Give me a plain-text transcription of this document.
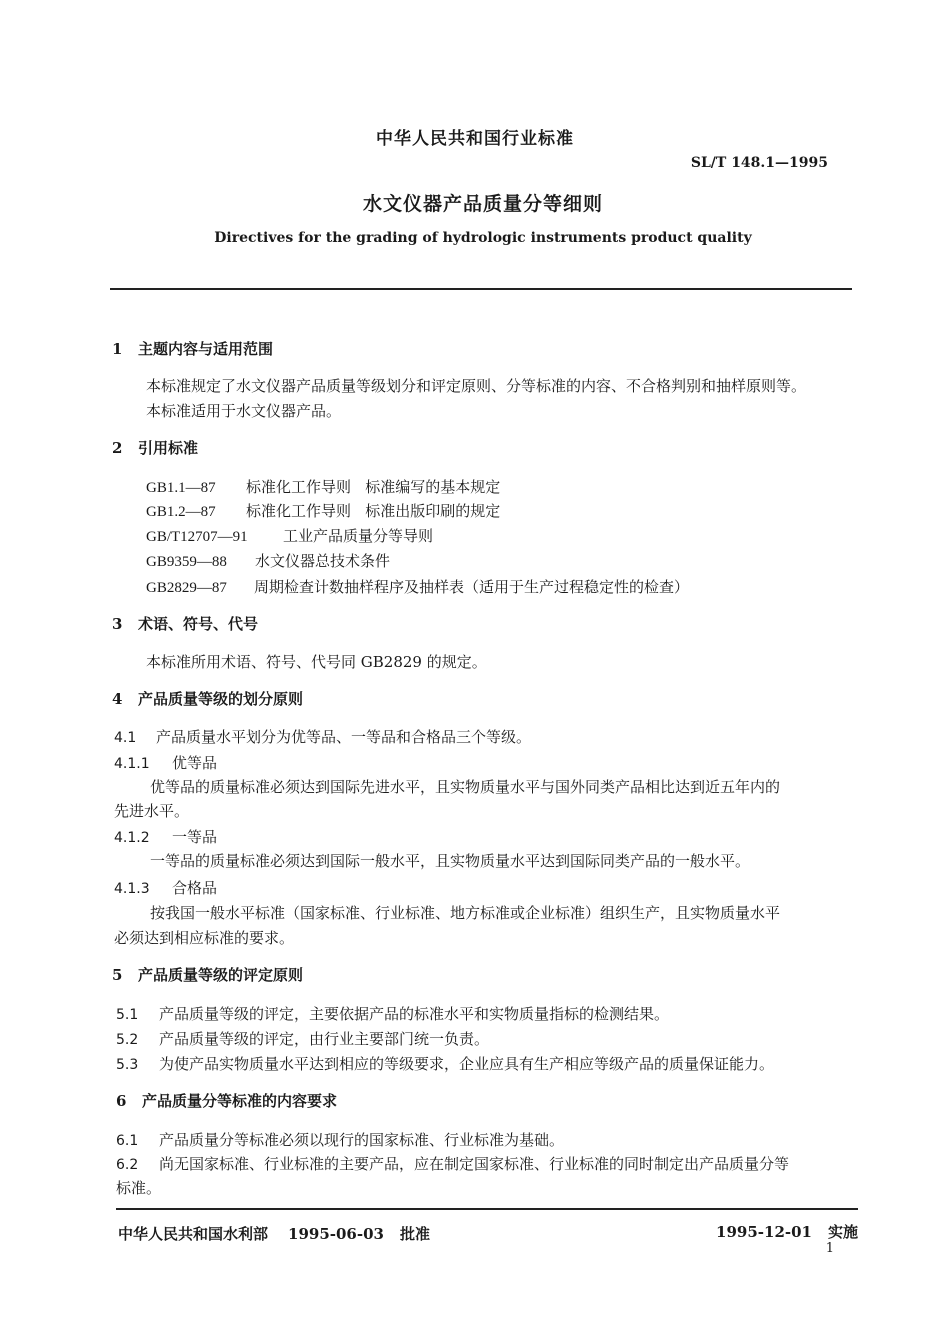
中华人民共和国行业标准
SL/T 148.1—1995
水文仪器产品质量分等细则
Directives for the grading of hydrologic instruments product quality
1 主题内容与适用范围
本标准规定了水文仪器产品质量等级划分和评定原则、分等标准的内容、不合格判别和抽样原则等。
本标准适用于水文仪器产品。
2 引用标准
GB1.1—87 标准化工作导则   标准编写的基本规定
GB1.2—87 标准化工作导则   标准出版印刷的规定
GB/T12707—91 工业产品质量分等导则
GB9359—88 水文仪器总技术条件
GB2829—87 周期检查计数抽样程序及抽样表（适用于生产过程稳定性的检查）
3 术语、符号、代号
本标准所用术语、符号、代号同 GB2829 的规定。
4 产品质量等级的划分原则
4.1 产品质量水平划分为优等品、一等品和合格品三个等级。
4.1.1 优等品
优等品的质量标准必须达到国际先进水平，且实物质量水平与国外同类产品相比达到近五年内的
先进水平。
4.1.2 一等品
一等品的质量标准必须达到国际一般水平，且实物质量水平达到国际同类产品的一般水平。
4.1.3 合格品
按我国一般水平标准（国家标准、行业标准、地方标准或企业标准）组织生产，且实物质量水平
必须达到相应标准的要求。
5 产品质量等级的评定原则
5.1 产品质量等级的评定，主要依据产品的标准水平和实物质量指标的检测结果。
5.2 产品质量等级的评定，由行业主要部门统一负责。
5.3 为使产品实物质量水平达到相应的等级要求，企业应具有生产相应等级产品的质量保证能力。
6 产品质量分等标准的内容要求
6.1 产品质量分等标准必须以现行的国家标准、行业标准为基础。
6.2 尚无国家标准、行业标准的主要产品，应在制定国家标准、行业标准的同时制定出产品质量分等
标准。
中华人民共和国水利部 1995-06-03 批准	1995-12-01 实施
1
